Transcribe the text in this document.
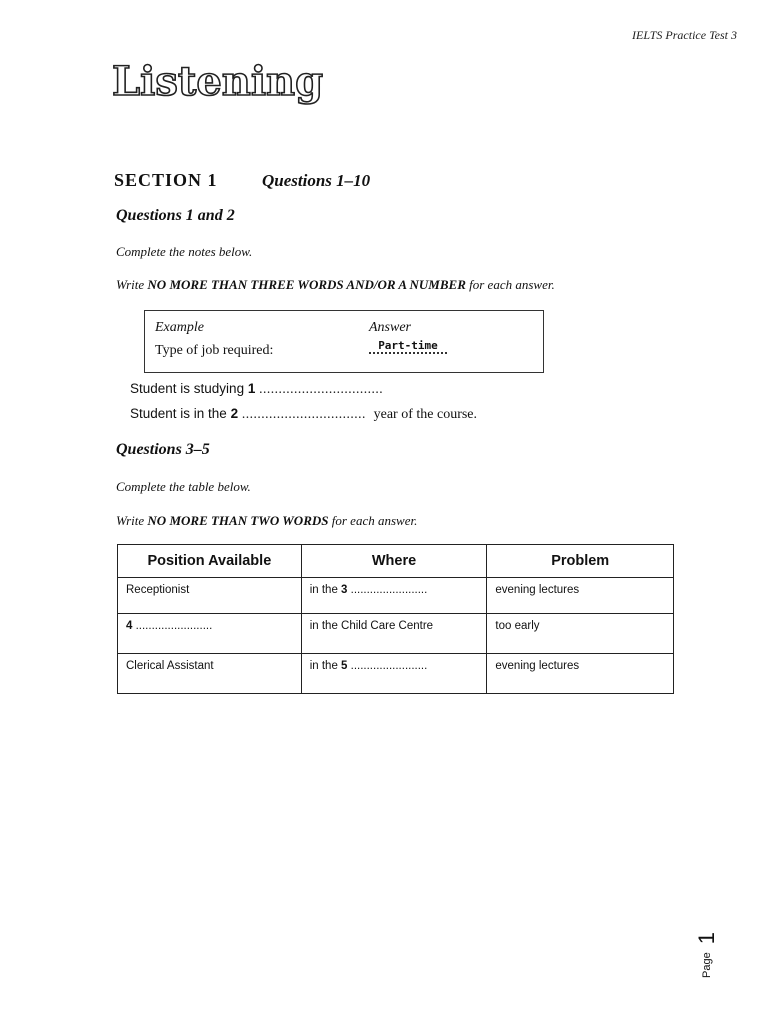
IELTS Practice Test 3
Listening
SECTION 1	Questions 1–10
Questions 1 and 2
Complete the notes below.
Write NO MORE THAN THREE WORDS AND/OR A NUMBER for each answer.
Example	Answer
Type of job required:	Part-time
Student is studying 1 ................................
Student is in the 2 ................................ year of the course.
Questions 3–5
Complete the table below.
Write NO MORE THAN TWO WORDS for each answer.
Position Available	Where	Problem
Receptionist	in the 3 ........................	evening lectures
4 ........................	in the Child Care Centre	too early
Clerical Assistant	in the 5 ........................	evening lectures
Page 1
